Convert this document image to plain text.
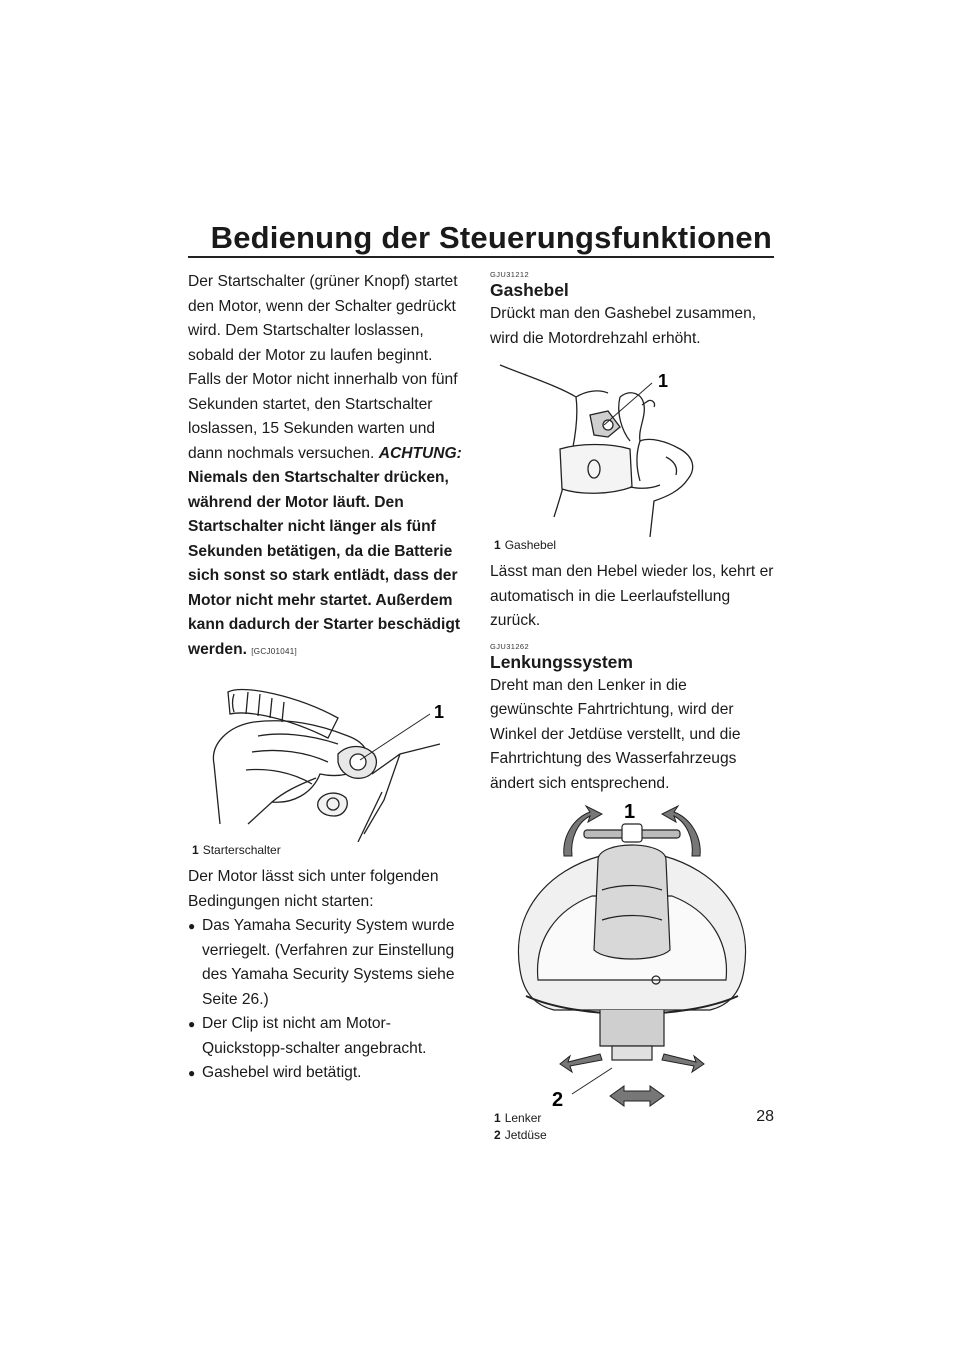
Bedienung der Steuerungsfunktionen

Der Startschalter (grüner Knopf) startet den Motor, wenn der Schalter gedrückt wird. Dem Startschalter loslassen, sobald der Motor zu laufen beginnt. Falls der Motor nicht innerhalb von fünf Sekunden startet, den Startschalter loslassen, 15 Sekunden warten und dann nochmals versuchen. ACHTUNG: Niemals den Startschalter drücken, während der Motor läuft. Den Startschalter nicht länger als fünf Sekunden betätigen, da die Batterie sich sonst so stark entlädt, dass der Motor nicht mehr startet. Außerdem kann dadurch der Starter beschädigt werden. [GCJ01041]

1
1 Starterschalter

Der Motor lässt sich unter folgenden Bedingungen nicht starten:

● Das Yamaha Security System wurde verriegelt. (Verfahren zur Einstellung des Yamaha Security Systems siehe Seite 26.)
● Der Clip ist nicht am Motor-Quickstopp-schalter angebracht.
● Gashebel wird betätigt.
GJU31212
Gashebel

Drückt man den Gashebel zusammen, wird die Motordrehzahl erhöht.

1
1 Gashebel

Lässt man den Hebel wieder los, kehrt er automatisch in die Leerlaufstellung zurück.

GJU31262
Lenkungssystem

Dreht man den Lenker in die gewünschte Fahrtrichtung, wird der Winkel der Jetdüse verstellt, und die Fahrtrichtung des Wasserfahrzeugs ändert sich entsprechend.

1
2
1 Lenker
2 Jetdüse
28
